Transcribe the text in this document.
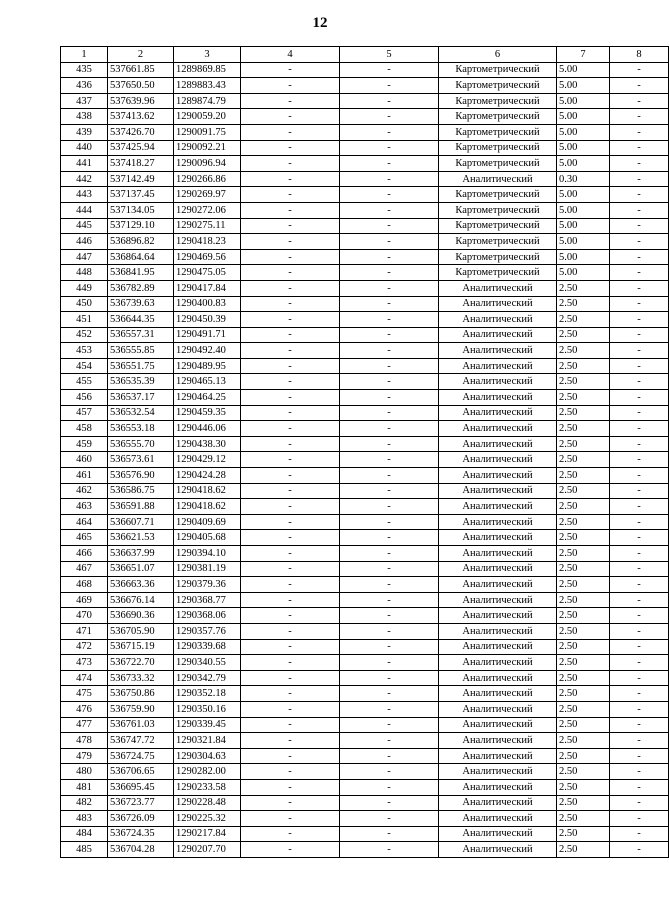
12
1	2	3	4	5	6	7	8
435	537661.85	1289869.85	-	-	Картометрический	5.00	-
436	537650.50	1289883.43	-	-	Картометрический	5.00	-
437	537639.96	1289874.79	-	-	Картометрический	5.00	-
438	537413.62	1290059.20	-	-	Картометрический	5.00	-
439	537426.70	1290091.75	-	-	Картометрический	5.00	-
440	537425.94	1290092.21	-	-	Картометрический	5.00	-
441	537418.27	1290096.94	-	-	Картометрический	5.00	-
442	537142.49	1290266.86	-	-	Аналитический	0.30	-
443	537137.45	1290269.97	-	-	Картометрический	5.00	-
444	537134.05	1290272.06	-	-	Картометрический	5.00	-
445	537129.10	1290275.11	-	-	Картометрический	5.00	-
446	536896.82	1290418.23	-	-	Картометрический	5.00	-
447	536864.64	1290469.56	-	-	Картометрический	5.00	-
448	536841.95	1290475.05	-	-	Картометрический	5.00	-
449	536782.89	1290417.84	-	-	Аналитический	2.50	-
450	536739.63	1290400.83	-	-	Аналитический	2.50	-
451	536644.35	1290450.39	-	-	Аналитический	2.50	-
452	536557.31	1290491.71	-	-	Аналитический	2.50	-
453	536555.85	1290492.40	-	-	Аналитический	2.50	-
454	536551.75	1290489.95	-	-	Аналитический	2.50	-
455	536535.39	1290465.13	-	-	Аналитический	2.50	-
456	536537.17	1290464.25	-	-	Аналитический	2.50	-
457	536532.54	1290459.35	-	-	Аналитический	2.50	-
458	536553.18	1290446.06	-	-	Аналитический	2.50	-
459	536555.70	1290438.30	-	-	Аналитический	2.50	-
460	536573.61	1290429.12	-	-	Аналитический	2.50	-
461	536576.90	1290424.28	-	-	Аналитический	2.50	-
462	536586.75	1290418.62	-	-	Аналитический	2.50	-
463	536591.88	1290418.62	-	-	Аналитический	2.50	-
464	536607.71	1290409.69	-	-	Аналитический	2.50	-
465	536621.53	1290405.68	-	-	Аналитический	2.50	-
466	536637.99	1290394.10	-	-	Аналитический	2.50	-
467	536651.07	1290381.19	-	-	Аналитический	2.50	-
468	536663.36	1290379.36	-	-	Аналитический	2.50	-
469	536676.14	1290368.77	-	-	Аналитический	2.50	-
470	536690.36	1290368.06	-	-	Аналитический	2.50	-
471	536705.90	1290357.76	-	-	Аналитический	2.50	-
472	536715.19	1290339.68	-	-	Аналитический	2.50	-
473	536722.70	1290340.55	-	-	Аналитический	2.50	-
474	536733.32	1290342.79	-	-	Аналитический	2.50	-
475	536750.86	1290352.18	-	-	Аналитический	2.50	-
476	536759.90	1290350.16	-	-	Аналитический	2.50	-
477	536761.03	1290339.45	-	-	Аналитический	2.50	-
478	536747.72	1290321.84	-	-	Аналитический	2.50	-
479	536724.75	1290304.63	-	-	Аналитический	2.50	-
480	536706.65	1290282.00	-	-	Аналитический	2.50	-
481	536695.45	1290233.58	-	-	Аналитический	2.50	-
482	536723.77	1290228.48	-	-	Аналитический	2.50	-
483	536726.09	1290225.32	-	-	Аналитический	2.50	-
484	536724.35	1290217.84	-	-	Аналитический	2.50	-
485	536704.28	1290207.70	-	-	Аналитический	2.50	-
